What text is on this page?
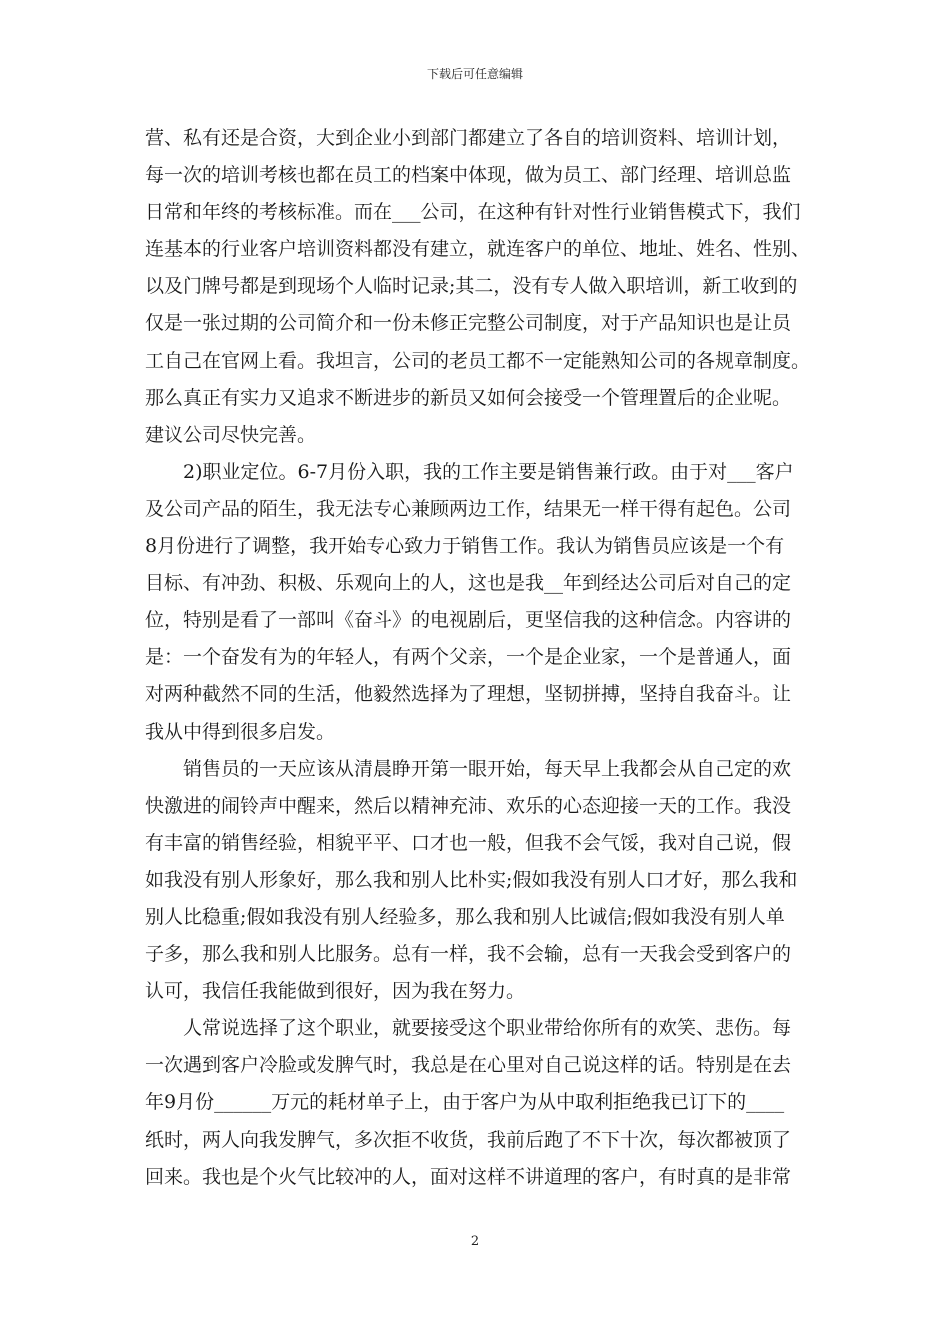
下载后可任意编辑
营、私有还是合资，大到企业小到部门都建立了各自的培训资料、培训计划，
每一次的培训考核也都在员工的档案中体现，做为员工、部门经理、培训总监
日常和年终的考核标准。而在___公司，在这种有针对性行业销售模式下，我们
连基本的行业客户培训资料都没有建立，就连客户的单位、地址、姓名、性别、
以及门牌号都是到现场个人临时记录;其二，没有专人做入职培训，新工收到的
仅是一张过期的公司简介和一份未修正完整公司制度，对于产品知识也是让员
工自己在官网上看。我坦言，公司的老员工都不一定能熟知公司的各规章制度。
那么真正有实力又追求不断进步的新员又如何会接受一个管理置后的企业呢。
建议公司尽快完善。
2)职业定位。6-7月份入职，我的工作主要是销售兼行政。由于对___客户
及公司产品的陌生，我无法专心兼顾两边工作，结果无一样干得有起色。公司
8月份进行了调整，我开始专心致力于销售工作。我认为销售员应该是一个有
目标、有冲劲、积极、乐观向上的人，这也是我__年到经达公司后对自己的定
位，特别是看了一部叫《奋斗》的电视剧后，更坚信我的这种信念。内容讲的
是：一个奋发有为的年轻人，有两个父亲，一个是企业家，一个是普通人，面
对两种截然不同的生活，他毅然选择为了理想，坚韧拼搏，坚持自我奋斗。让
我从中得到很多启发。
销售员的一天应该从清晨睁开第一眼开始，每天早上我都会从自己定的欢
快激进的闹铃声中醒来，然后以精神充沛、欢乐的心态迎接一天的工作。我没
有丰富的销售经验，相貌平平、口才也一般，但我不会气馁，我对自己说，假
如我没有别人形象好，那么我和别人比朴实;假如我没有别人口才好，那么我和
别人比稳重;假如我没有别人经验多，那么我和别人比诚信;假如我没有别人单
子多，那么我和别人比服务。总有一样，我不会输，总有一天我会受到客户的
认可，我信任我能做到很好，因为我在努力。
人常说选择了这个职业，就要接受这个职业带给你所有的欢笑、悲伤。每
一次遇到客户冷脸或发脾气时，我总是在心里对自己说这样的话。特别是在去
年9月份______万元的耗材单子上，由于客户为从中取利拒绝我已订下的____
纸时，两人向我发脾气，多次拒不收货，我前后跑了不下十次，每次都被顶了
回来。我也是个火气比较冲的人，面对这样不讲道理的客户，有时真的是非常
2
